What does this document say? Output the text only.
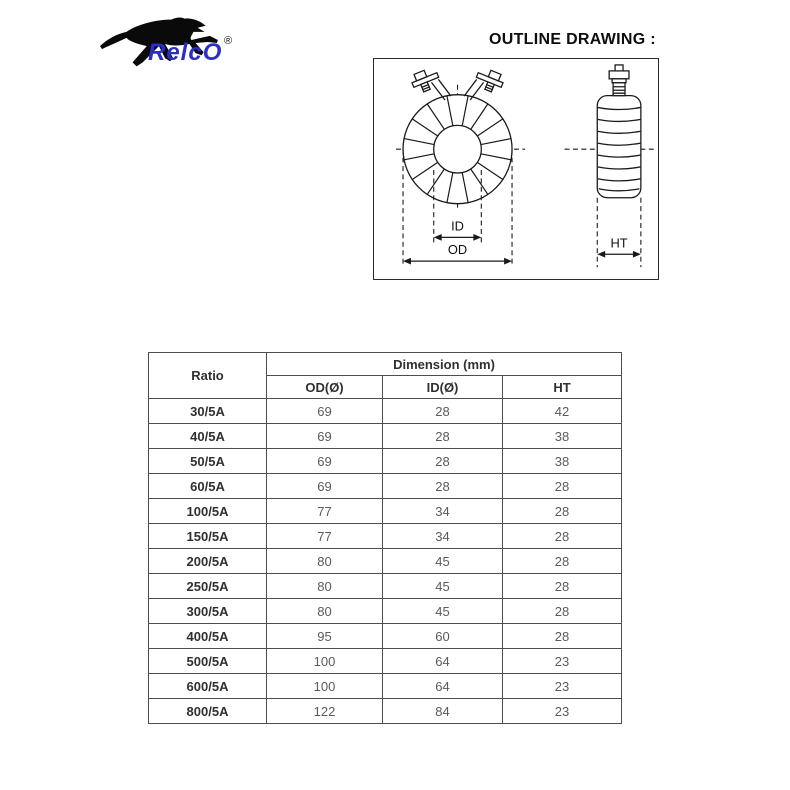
RelcO ®	OUTLINE DRAWING :
ID
OD	HT
Ratio	Dimension (mm)		
	OD(Ø)	ID(Ø)	HT
30/5A	69	28	42
40/5A	69	28	38
50/5A	69	28	38
60/5A	69	28	28
100/5A	77	34	28
150/5A	77	34	28
200/5A	80	45	28
250/5A	80	45	28
300/5A	80	45	28
400/5A	95	60	28
500/5A	100	64	23
600/5A	100	64	23
800/5A	122	84	23
